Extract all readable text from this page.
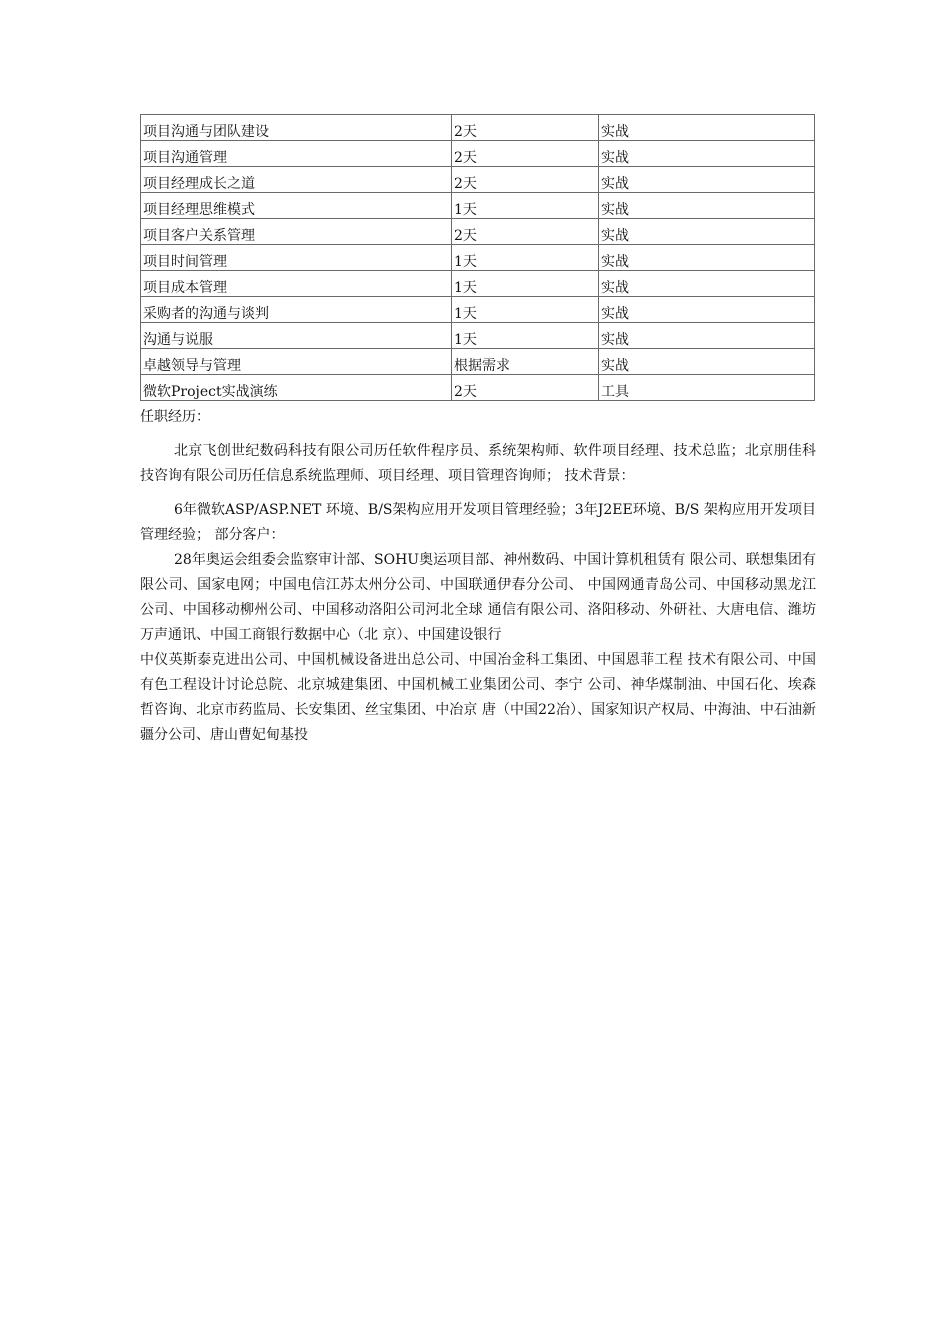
项目沟通与团队建设	2天	实战
项目沟通管理	2天	实战
项目经理成长之道	2天	实战
项目经理思维模式	1天	实战
项目客户关系管理	2天	实战
项目时间管理	1天	实战
项目成本管理	1天	实战
采购者的沟通与谈判	1天	实战
沟通与说服	1天	实战
卓越领导与管理	根据需求	实战
微软Project实战演练	2天	工具

任职经历：

北京飞创世纪数码科技有限公司历任软件程序员、系统架构师、软件项目经理、技术总监；北京朋佳科技咨询有限公司历任信息系统监理师、项目经理、项目管理咨询师； 技术背景：

6年微软ASP/ASP.NET 环境、B/S架构应用开发项目管理经验；3年J2EE环境、B/S 架构应用开发项目管理经验； 部分客户：

28年奥运会组委会监察审计部、SOHU奥运项目部、神州数码、中国计算机租赁有 限公司、联想集团有限公司、国家电网；中国电信江苏太州分公司、中国联通伊春分公司、 中国网通青岛公司、中国移动黑龙江公司、中国移动柳州公司、中国移动洛阳公司河北全球 通信有限公司、洛阳移动、外研社、大唐电信、潍坊万声通讯、中国工商银行数据中心（北 京）、中国建设银行

中仪英斯泰克进出公司、中国机械设备进出总公司、中国冶金科工集团、中国恩菲工程 技术有限公司、中国有色工程设计讨论总院、北京城建集团、中国机械工业集团公司、李宁 公司、神华煤制油、中国石化、埃森哲咨询、北京市药监局、长安集团、丝宝集团、中冶京 唐（中国22冶）、国家知识产权局、中海油、中石油新疆分公司、唐山曹妃甸基投
